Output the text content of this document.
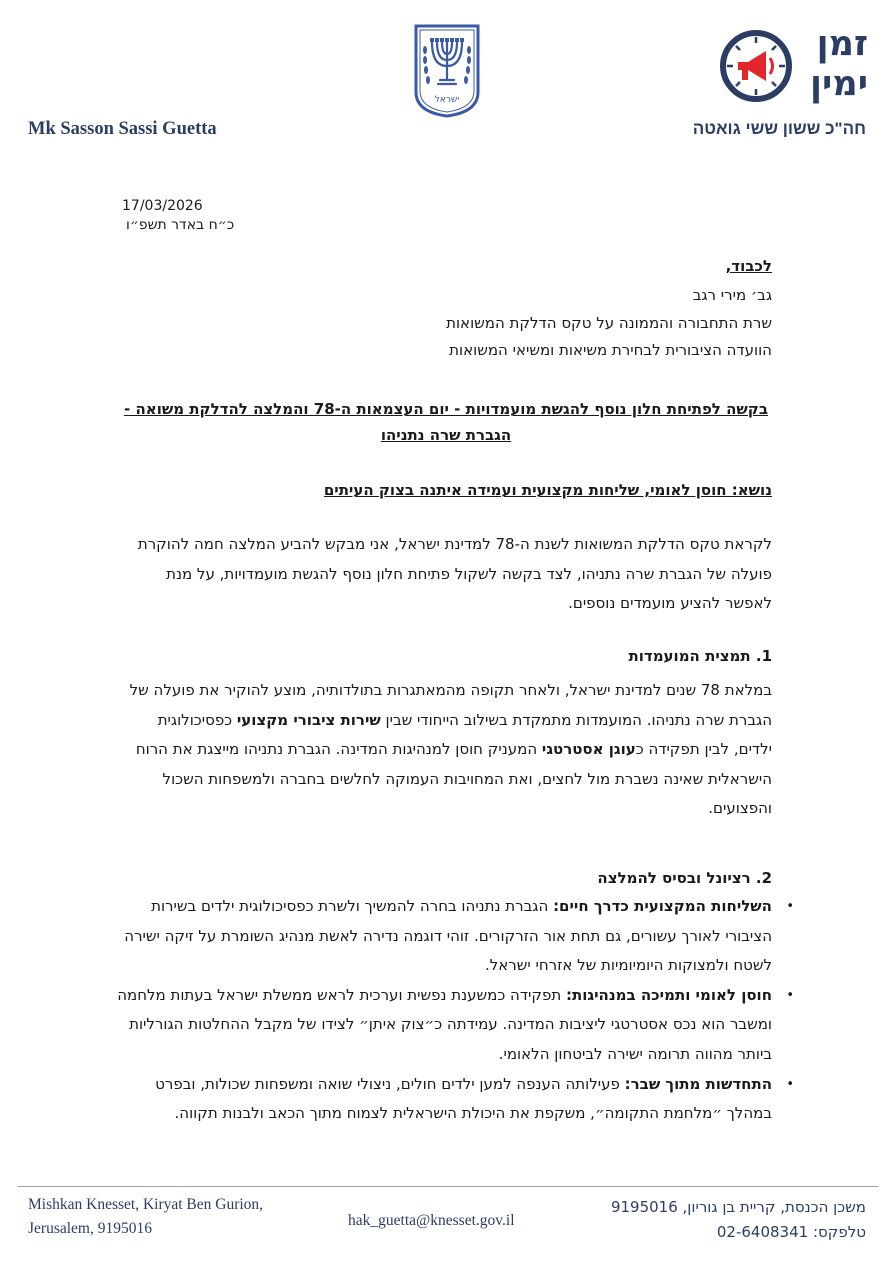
ישראל
זמן
ימין
Mk Sasson Sassi Guetta	חה"כ ששון ששי גואטה
17/03/2026
כ״ח באדר תשפ״ו
לכבוד,
גב׳ מירי רגב
שרת התחבורה והממונה על טקס הדלקת המשואות
הוועדה הציבורית לבחירת משיאות ומשיאי המשואות
בקשה לפתיחת חלון נוסף להגשת מועמדויות - יום העצמאות ה-78 והמלצה להדלקת משואה - הגברת שרה נתניהו
נושא: חוסן לאומי, שליחות מקצועית ועמידה איתנה בצוק העיתים
לקראת טקס הדלקת המשואות לשנת ה-78 למדינת ישראל, אני מבקש להביע המלצה חמה להוקרת פועלה של הגברת שרה נתניהו, לצד בקשה לשקול פתיחת חלון נוסף להגשת מועמדויות, על מנת לאפשר להציע מועמדים נוספים.
1. תמצית המועמדות
במלאת 78 שנים למדינת ישראל, ולאחר תקופה מהמאתגרות בתולדותיה, מוצע להוקיר את פועלה של הגברת שרה נתניהו. המועמדות מתמקדת בשילוב הייחודי שבין שירות ציבורי מקצועי כפסיכולוגית ילדים, לבין תפקידה כעוגן אסטרטגי המעניק חוסן למנהיגות המדינה. הגברת נתניהו מייצגת את הרוח הישראלית שאינה נשברת מול לחצים, ואת המחויבות העמוקה לחלשים בחברה ולמשפחות השכול והפצועים.
2. רציונל ובסיס להמלצה
• השליחות המקצועית כדרך חיים: הגברת נתניהו בחרה להמשיך ולשרת כפסיכולוגית ילדים בשירות הציבורי לאורך עשורים, גם תחת אור הזרקורים. זוהי דוגמה נדירה לאשת מנהיג השומרת על זיקה ישירה לשטח ולמצוקות היומיומיות של אזרחי ישראל.
• חוסן לאומי ותמיכה במנהיגות: תפקידה כמשענת נפשית וערכית לראש ממשלת ישראל בעתות מלחמה ומשבר הוא נכס אסטרטגי ליציבות המדינה. עמידתה כ״צוק איתן״ לצידו של מקבל ההחלטות הגורליות ביותר מהווה תרומה ישירה לביטחון הלאומי.
• התחדשות מתוך שבר: פעילותה הענפה למען ילדים חולים, ניצולי שואה ומשפחות שכולות, ובפרט במהלך ״מלחמת התקומה״, משקפת את היכולת הישראלית לצמוח מתוך הכאב ולבנות תקווה.
Mishkan Knesset, Kiryat Ben Gurion,
Jerusalem, 9195016	hak_guetta@knesset.gov.il
משכן הכנסת, קריית בן גוריון, 9195016
טלפקס: 02-6408341
